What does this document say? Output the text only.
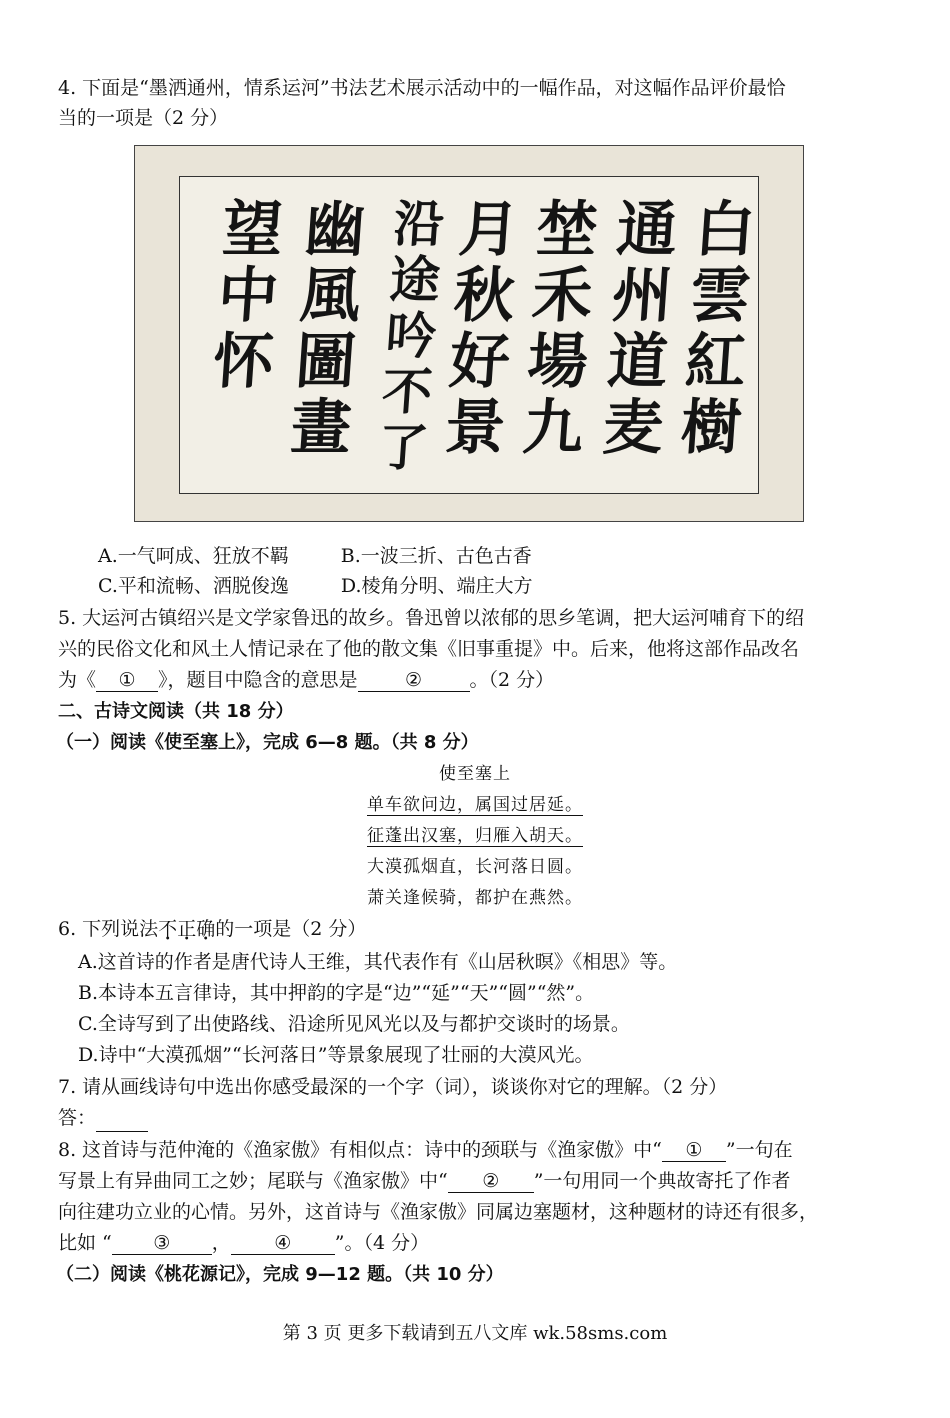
4. 下面是“墨洒通州，情系运河”书法艺术展示活动中的一幅作品，对这幅作品评价最恰
当的一项是（2 分）
白雲紅樹
通州道麦
埜禾場九
月秋好景
沿途吟不了
幽風圖畫
望中怀
A.一气呵成、狂放不羁	B.一波三折、古色古香
C.平和流畅、洒脱俊逸	D.棱角分明、端庄大方
5. 大运河古镇绍兴是文学家鲁迅的故乡。鲁迅曾以浓郁的思乡笔调，把大运河哺育下的绍
兴的民俗文化和风土人情记录在了他的散文集《旧事重提》中。后来，他将这部作品改名
为《 ① 》，题目中隐含的意思是 ② 。（2 分）
二、古诗文阅读（共 18 分）
（一）阅读《使至塞上》，完成 6—8 题。（共 8 分）
使至塞上
单车欲问边，属国过居延。
征蓬出汉塞，归雁入胡天。
大漠孤烟直，长河落日圆。
萧关逢候骑，都护在燕然。
6. 下列说法不正确的一项是（2 分）
A.这首诗的作者是唐代诗人王维，其代表作有《山居秋暝》《相思》等。
B.本诗本五言律诗，其中押韵的字是“边”“延”“天”“圆”“然”。
C.全诗写到了出使路线、沿途所见风光以及与都护交谈时的场景。
D.诗中“大漠孤烟”“长河落日”等景象展现了壮丽的大漠风光。
7. 请从画线诗句中选出你感受最深的一个字（词），谈谈你对它的理解。（2 分）
答：
8. 这首诗与范仲淹的《渔家傲》有相似点：诗中的颈联与《渔家傲》中“ ① ”一句在
写景上有异曲同工之妙；尾联与《渔家傲》中“ ② ”一句用同一个典故寄托了作者
向往建功立业的心情。另外，这首诗与《渔家傲》同属边塞题材，这种题材的诗还有很多，
比如 “ ③ ， ④ ”。（4 分）
（二）阅读《桃花源记》，完成 9—12 题。（共 10 分）
第 3 页 更多下载请到五八文库 wk.58sms.com
